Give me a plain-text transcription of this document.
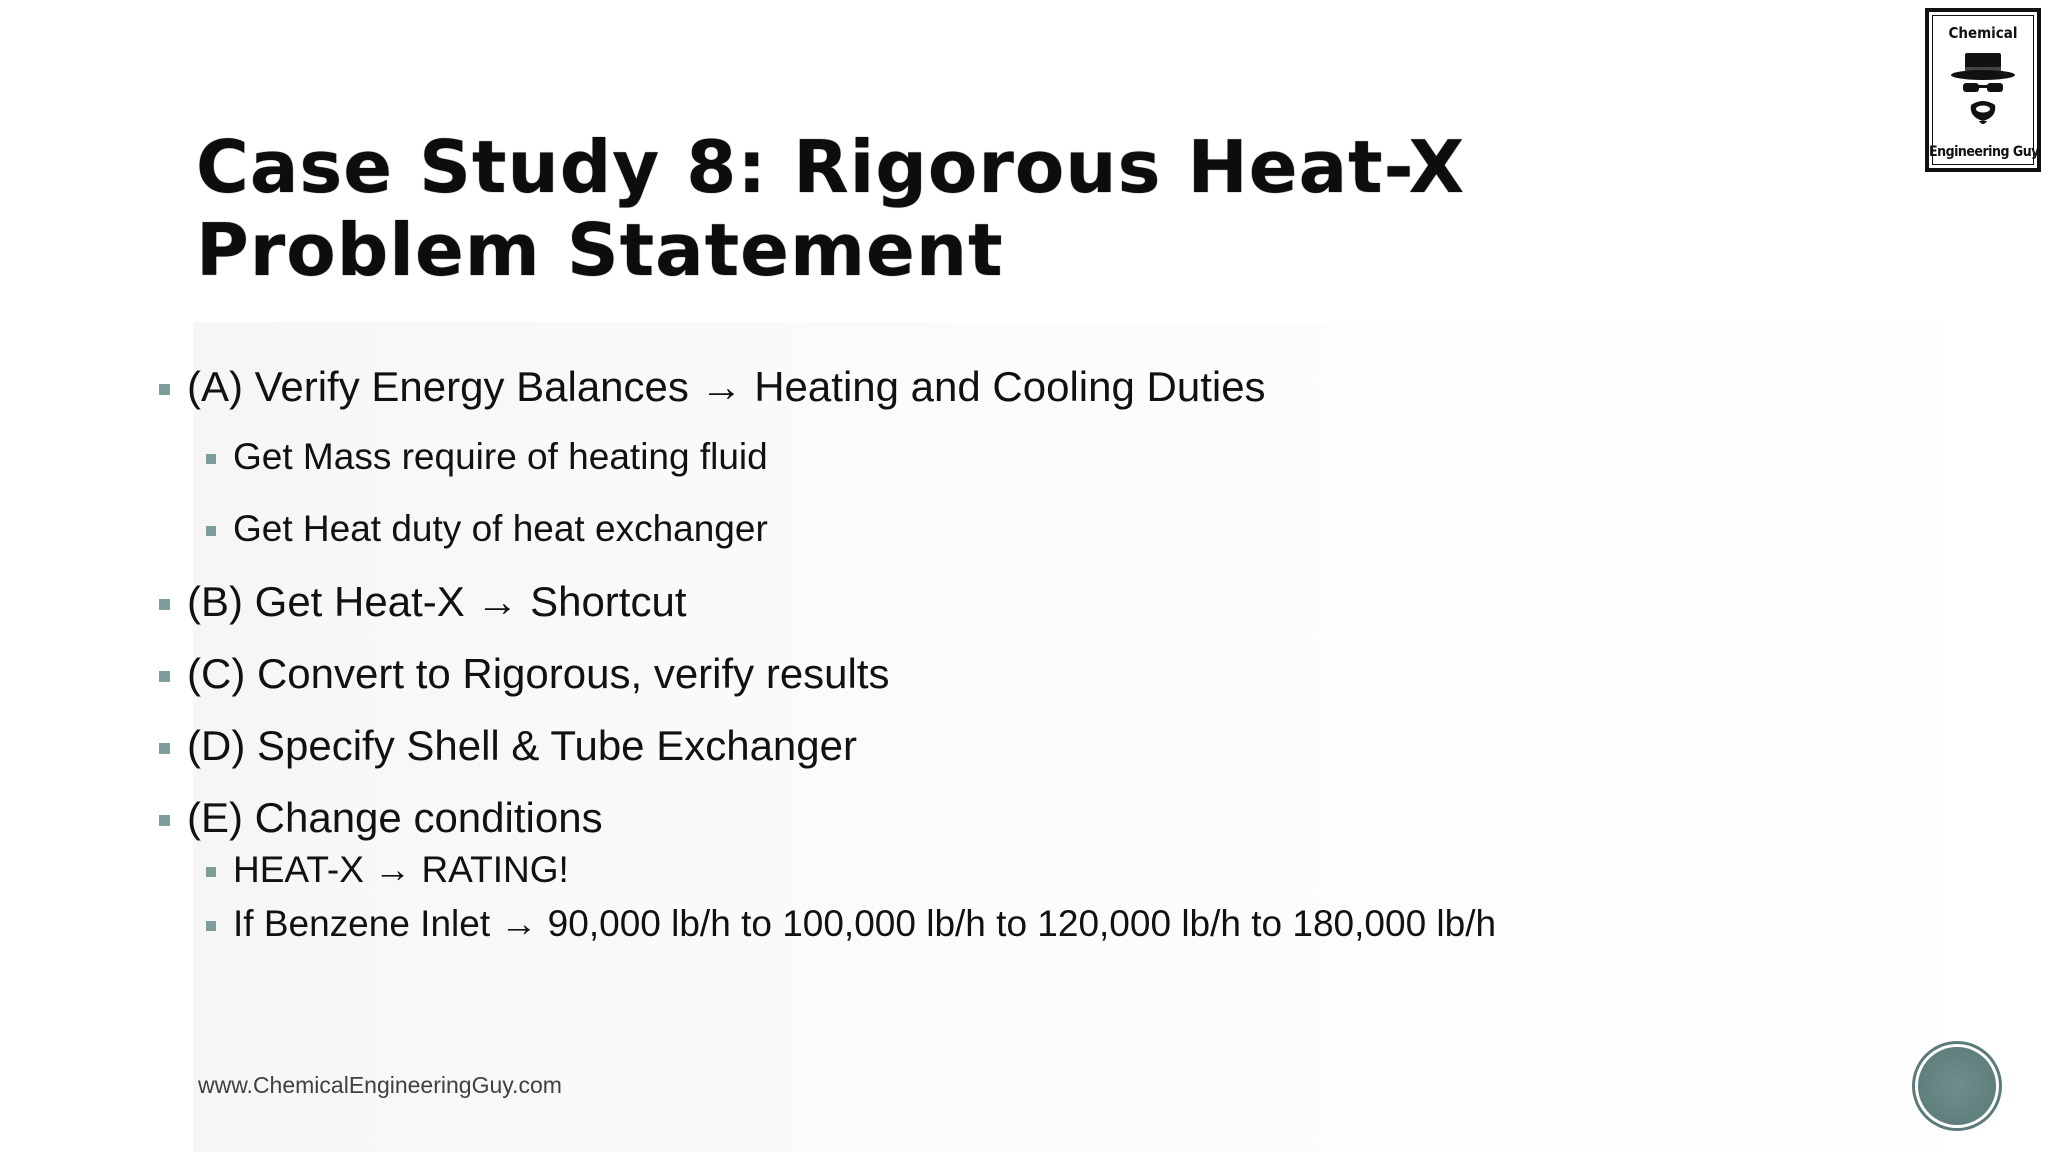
Case Study 8: Rigorous Heat-X
Problem Statement
(A) Verify Energy Balances → Heating and Cooling Duties
Get Mass require of heating fluid
Get Heat duty of heat exchanger
(B) Get Heat-X → Shortcut
(C) Convert to Rigorous, verify results
(D) Specify Shell & Tube Exchanger
(E) Change conditions
HEAT-X → RATING!
If Benzene Inlet → 90,000 lb/h to 100,000 lb/h to 120,000 lb/h to 180,000 lb/h
www.ChemicalEngineeringGuy.com
Chemical
Engineering Guy
